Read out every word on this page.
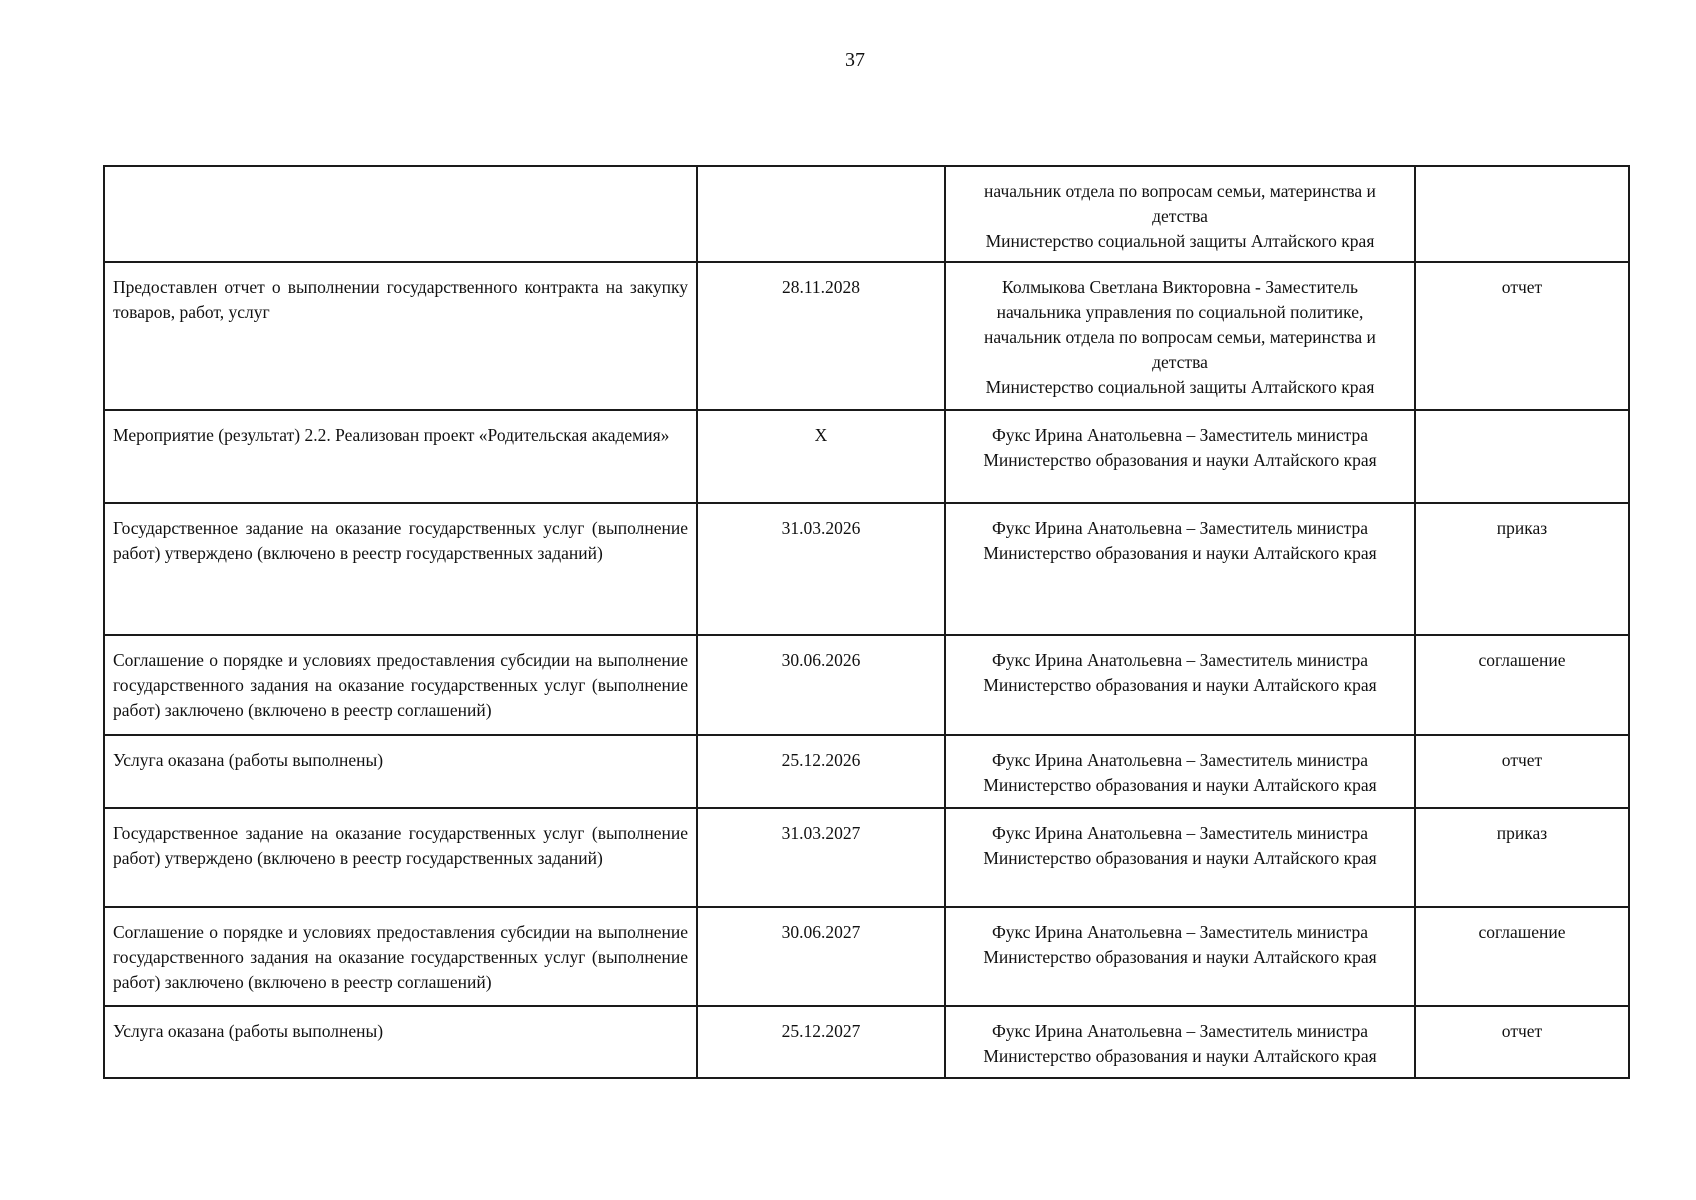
37

		начальник отдела по вопросам семьи, материнства и
детства
Министерство социальной защиты Алтайского края	

Предоставлен отчет о выполнении государственного контракта на закупку товаров, работ, услуг	28.11.2028	Колмыкова Светлана Викторовна - Заместитель
начальника управления по социальной политике,
начальник отдела по вопросам семьи, материнства и
детства
Министерство социальной защиты Алтайского края	отчет
Мероприятие (результат) 2.2. Реализован проект «Родительская академия»	X	Фукс Ирина Анатольевна – Заместитель министра
Министерство образования и науки Алтайского края	

Государственное задание на оказание государственных услуг (выполнение работ) утверждено (включено в реестр государственных заданий)	31.03.2026	Фукс Ирина Анатольевна – Заместитель министра
Министерство образования и науки Алтайского края	приказ
Соглашение о порядке и условиях предоставления субсидии на выполнение государственного задания на оказание государственных услуг (выполнение работ) заключено (включено в реестр соглашений)	30.06.2026	Фукс Ирина Анатольевна – Заместитель министра
Министерство образования и науки Алтайского края	соглашение
Услуга оказана (работы выполнены)	25.12.2026	Фукс Ирина Анатольевна – Заместитель министра
Министерство образования и науки Алтайского края	отчет
Государственное задание на оказание государственных услуг (выполнение работ) утверждено (включено в реестр государственных заданий)	31.03.2027	Фукс Ирина Анатольевна – Заместитель министра
Министерство образования и науки Алтайского края	приказ
Соглашение о порядке и условиях предоставления субсидии на выполнение государственного задания на оказание государственных услуг (выполнение работ) заключено (включено в реестр соглашений)	30.06.2027	Фукс Ирина Анатольевна – Заместитель министра
Министерство образования и науки Алтайского края	соглашение
Услуга оказана (работы выполнены)	25.12.2027	Фукс Ирина Анатольевна – Заместитель министра
Министерство образования и науки Алтайского края	отчет
